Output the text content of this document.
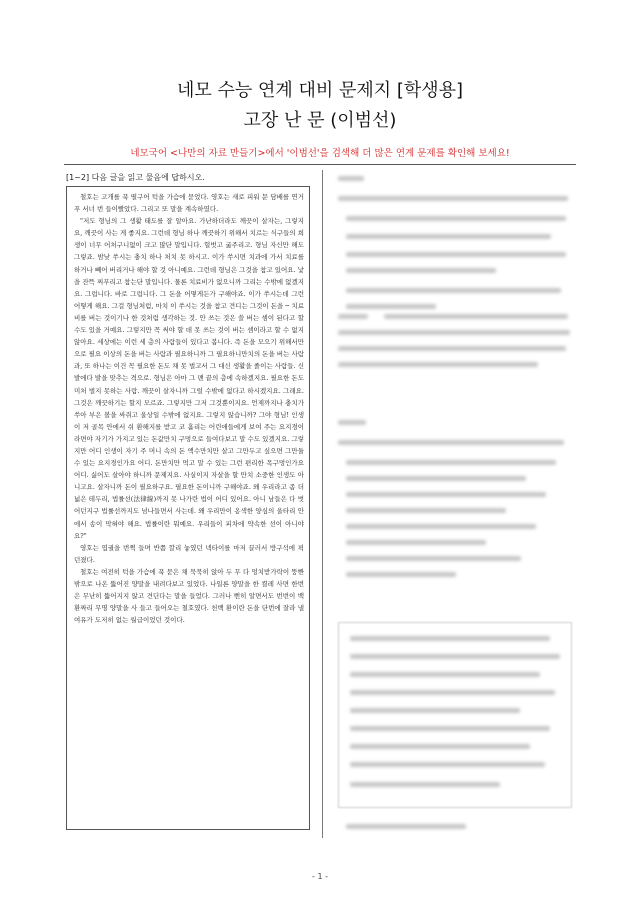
네모 수능 연계 대비 문제지 [학생용]
고장 난 문 (이범선)
네모국어 <나만의 자료 만들기>에서 '이범선'을 검색해 더 많은 연계 문제를 확인해 보세요!
[1~2] 다음 글을 읽고 물음에 답하시오.

철호는 고개를 푹 떨구어 턱을 가슴에 묻었다. 영호는 새로 피워 문 담배를 연거푸 서너 번 들이빨았다. 그리고 또 말을 계속하였다.

"저도 형님의 그 생활 태도를 잘 알아요. 가난하더라도 깨끗이 살자는, 그렇지요, 깨끗이 사는 게 좋지요. 그런데 형님 하나 깨끗하기 위해서 치르는 식구들의 희생이 너무 어처구니없이 크고 많단 말입니다. 헐벗고 굶주리고. 형님 자신만 해도 그렇죠. 밤낮 쑤시는 충치 하나 처치 못 하시고. 이가 쑤시면 치과에 가서 치료를 하거나 빼어 버리거나 해야 할 것 아니예요. 그런데 형님은 그것을 참고 있어요. 낯을 잔뜩 찌푸리고 참는단 말입니다. 물론 치료비가 없으니까 그리는 수밖에 없겠지요. 그럽니다. 바로 그럽니다. 그 돈을 어떻게든가 구해야죠. 이가 쑤시는데 그런 어떻게 해요. 그걸 형님처럼, 마치 이 쑤시는 것을 참고 견디는 그것이 돈을 ─ 치료비를 버는 것이기나 한 것처럼 생각하는 것. 안 쓰는 것은 쓸 버는 셈이 된다고 할 수도 있을 거예요. 그렇지만 꼭 써야 할 데 못 쓰는 것이 버는 셈이라고 할 수 없지 않아요. 세상에는 이런 세 층의 사람들이 있다고 봅니다. 즉 돈을 모으기 위해서만으로 필요 이상의 돈을 버는 사람과 필요하니까 그 필요하니만치의 돈을 버는 사람과, 또 하나는 이건 꼭 필요한 돈도 채 못 벌고서 그 대신 생활을 졸이는 사람들. 신발에다 발을 맞추는 격으로. 형님은 아마 그 맨 끝의 층에 속하겠지요. 필요한 돈도 미처 벌지 못하는 사람. 깨끗이 살자니까 그럴 수밖에 없다고 하시겠지요. 그래요. 그것은 깨끗하기는 할지 모르죠. 그렇지만 그저 그것뿐이지요. 언제까지나 충치가 쑤아 부은 볼을 싸쥐고 울상일 수밖에 없지요. 그렇지 않습니까? 그야 형님! 인생이 저 골목 안에서 쉬 환해지를 받고 코 흘리는 어린애들에게 보여 주는 요지경이라면야 자기가 가지고 있는 돈값만치 구멍으로 들여다보고 말 수도 있겠지요. 그렇지만 어디 인생이 자기 주 머니 속의 돈 액수만치만 살고 그만두고 싶으면 그만둘 수 있는 요지경인가요 어디. 돈만치만 먹고 말 수 있는 그런 편리한 목구멍인가요 어디. 싫어도 살아야 하니까 문제지요. 사실이지 자살을 할 만치 소중한 인생도 아니고요. 살자니까 돈이 필요하구요. 필요한 돈이니까 구해야죠. 왜 우리라고 좀 더 넓은 테두리, 법률선(法律線)까지 못 나가란 법이 어디 있어요. 아니 남들은 다 벗어던지구 법률선까지도 넘나들면서 사는데. 왜 우리만이 옹색한 양심의 울타리 안 에서 송이 막혀야 해요. 법률이란 뭐예요. 우리들이 피차에 약속한 선이 아니야요?"

영호는 엽궐을 번쩍 들며 반쯤 깔리 놓였던 넥타이를 마저 끌러서 방구석에 픽 던졌다.

철호는 여전히 턱을 가슴에 푹 묻은 채 묵묵히 앉아 두 무 다 엉치받가락이 뚱빤 밖으로 나온 뚫어진 양말을 내려다보고 있었다. 나일론 양말을 한 켤레 사면 한번은 무난히 뚫어지지 않고 견딘다는 말을 들었다. 그러나 뻔히 알면서도 번번이 백 환짜리 무명 양말을 사 들고 들어오는 철호였다. 천백 환이란 돈을 단번에 잘라 낼 여유가 도저히 없는 월급이었던 것이다.

- 1 -
